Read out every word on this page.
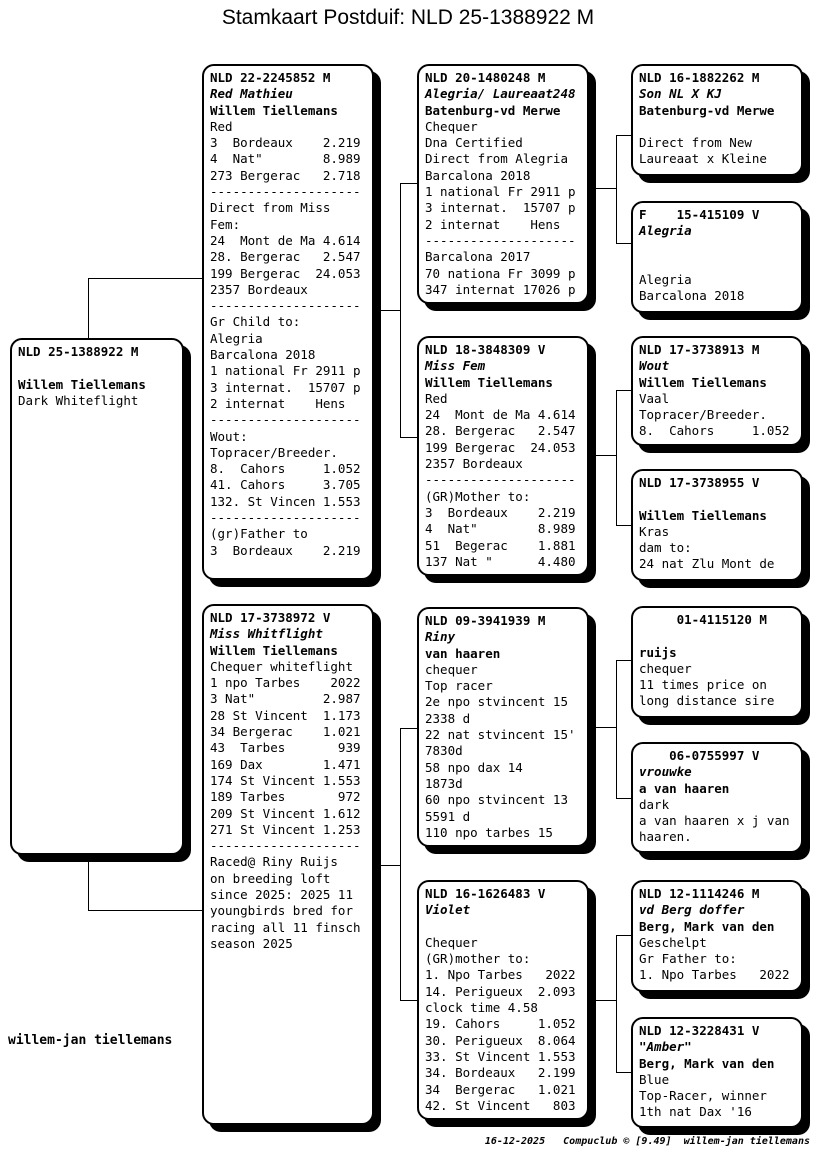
Stamkaart Postduif: NLD 25-1388922 M
willem-jan tiellemans
16-12-2025   Compuclub © [9.49]  willem-jan tiellemans
NLD 25-1388922 M

Willem Tiellemans
Dark Whiteflight
NLD 22-2245852 M
Red Mathieu
Willem Tiellemans
Red
3  Bordeaux    2.219
4  Nat"        8.989
273 Bergerac   2.718
--------------------
Direct from Miss
Fem:
24  Mont de Ma 4.614
28. Bergerac   2.547
199 Bergerac  24.053
2357 Bordeaux
--------------------
Gr Child to:
Alegria
Barcalona 2018
1 national Fr 2911 p
3 internat.  15707 p
2 internat    Hens
--------------------
Wout:
Topracer/Breeder.
8.  Cahors     1.052
41. Cahors     3.705
132. St Vincen 1.553
--------------------
(gr)Father to
3  Bordeaux    2.219
NLD 17-3738972 V
Miss Whitflight
Willem Tiellemans
Chequer whiteflight
1 npo Tarbes    2022
3 Nat"         2.987
28 St Vincent  1.173
34 Bergerac    1.021
43  Tarbes       939
169 Dax        1.471
174 St Vincent 1.553
189 Tarbes       972
209 St Vincent 1.612
271 St Vincent 1.253
--------------------
Raced@ Riny Ruijs
on breeding loft
since 2025: 2025 11
youngbirds bred for
racing all 11 finsch
season 2025
NLD 20-1480248 M
Alegria/ Laureaat248
Batenburg-vd Merwe
Chequer
Dna Certified
Direct from Alegria
Barcalona 2018
1 national Fr 2911 p
3 internat.  15707 p
2 internat    Hens
--------------------
Barcalona 2017
70 nationa Fr 3099 p
347 internat 17026 p
NLD 18-3848309 V
Miss Fem
Willem Tiellemans
Red
24  Mont de Ma 4.614
28. Bergerac   2.547
199 Bergerac  24.053
2357 Bordeaux
--------------------
(GR)Mother to:
3  Bordeaux    2.219
4  Nat"        8.989
51  Begerac    1.881
137 Nat "      4.480
NLD 09-3941939 M
Riny
van haaren
chequer
Top racer
2e npo stvincent 15
2338 d
22 nat stvincent 15'
7830d
58 npo dax 14
1873d
60 npo stvincent 13
5591 d
110 npo tarbes 15
NLD 16-1626483 V
Violet

Chequer
(GR)mother to:
1. Npo Tarbes   2022
14. Perigueux  2.093
clock time 4.58
19. Cahors     1.052
30. Perigueux  8.064
33. St Vincent 1.553
34. Bordeaux   2.199
34  Bergerac   1.021
42. St Vincent   803
NLD 16-1882262 M
Son NL X KJ
Batenburg-vd Merwe

Direct from New
Laureaat x Kleine
F    15-415109 V
Alegria

Alegria
Barcalona 2018
NLD 17-3738913 M
Wout
Willem Tiellemans
Vaal
Topracer/Breeder.
8.  Cahors     1.052
NLD 17-3738955 V

Willem Tiellemans
Kras
dam to:
24 nat Zlu Mont de
01-4115120 M

ruijs
chequer
11 times price on
long distance sire
06-0755997 V
vrouwke
a van haaren
dark
a van haaren x j van
haaren.
NLD 12-1114246 M
vd Berg doffer
Berg, Mark van den
Geschelpt
Gr Father to:
1. Npo Tarbes   2022
NLD 12-3228431 V
"Amber"
Berg, Mark van den
Blue
Top-Racer, winner
1th nat Dax '16
